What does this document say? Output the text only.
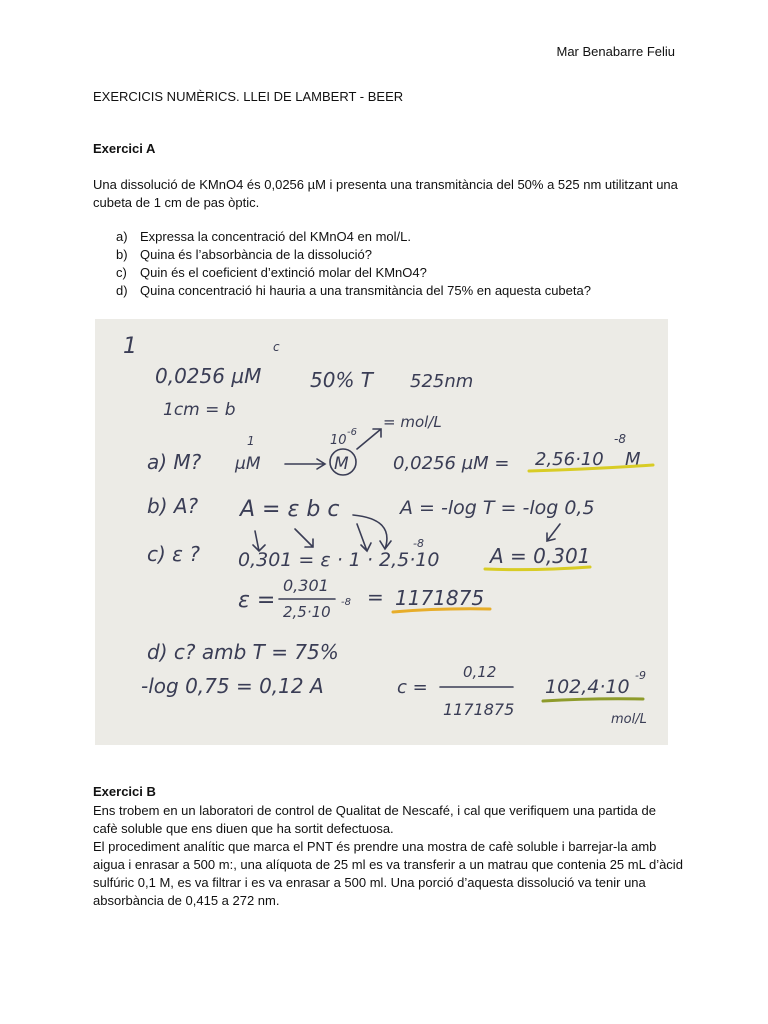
Mar Benabarre Feliu
EXERCICIS NUMÈRICS. LLEI DE LAMBERT - BEER
Exercici A

Una dissolució de KMnO4 és 0,0256 µM i presenta una transmitància del 50% a 525 nm utilitzant una cubeta de 1 cm de pas òptic.

a) Expressa la concentració del KMnO4 en mol/L.
b) Quina és l’absorbància de la dissolució?
c)	Quin és el coeficient d’extinció molar del KMnO4?
d) Quina concentració hi hauria a una transmitància del 75% en aquesta cubeta?
1
0,0256 µM
c
50% T 525nm
1cm = b
a) M?
1
µM
10
-6
M
= mol/L
0,0256 µM = 2,56·10
-8
M
b) A? A = ε b c	A = -log T = -log 0,5
c) ε ? 0,301 = ε · 1 · 2,5·10
-8
A = 0,301
ε =
0,301
2,5·10
-8 = 1171875
d) c? amb T = 75%
-log 0,75 = 0,12 A	c =
0,12
1171875
102,4·10
-9
mol/L
Exercici B

Ens trobem en un laboratori de control de Qualitat de Nescafé, i cal que verifiquem una partida de cafè soluble que ens diuen que ha sortit defectuosa.

El procediment analític que marca el PNT és prendre una mostra de cafè soluble i barrejar-la amb aigua i enrasar a 500 m:, una alíquota de 25 ml es va transferir a un matrau que contenia 25 mL d’àcid sulfúric 0,1 M, es va filtrar i es va enrasar a 500 ml. Una porció d’aquesta dissolució va tenir una absorbància de 0,415 a 272 nm.
